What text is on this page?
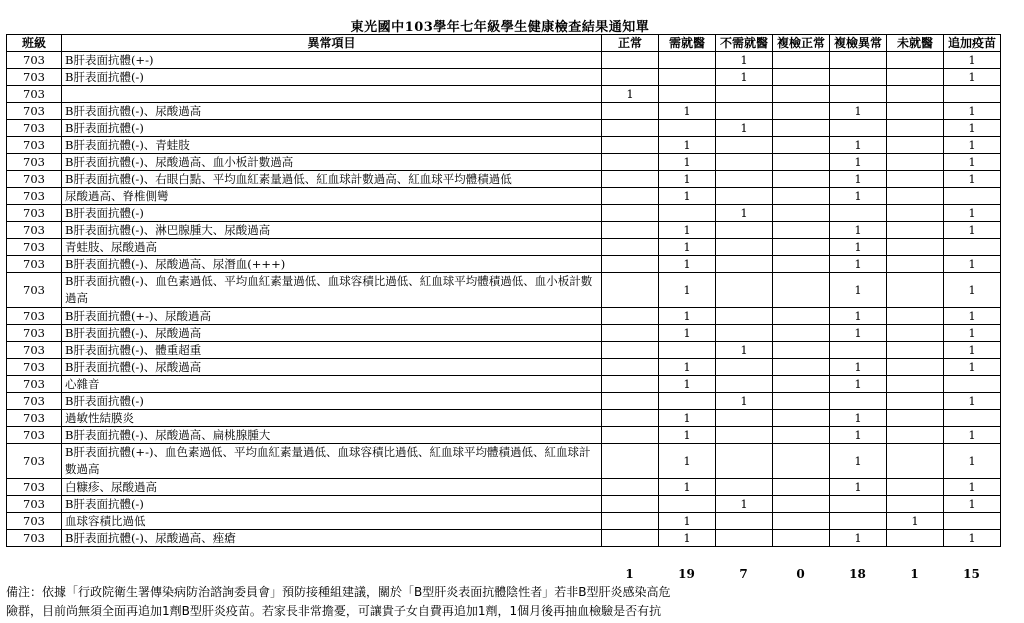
東光國中103學年七年級學生健康檢查結果通知單
班級	異常項目	正常	需就醫	不需就醫	複檢正常	複檢異常	未就醫	追加疫苗
703	B肝表面抗體(+-)			1				1
703	B肝表面抗體(-)			1				1
703		1						
703	B肝表面抗體(-)、尿酸過高		1			1		1
703	B肝表面抗體(-)			1				1
703	B肝表面抗體(-)、青蛙肢		1			1		1
703	B肝表面抗體(-)、尿酸過高、血小板計數過高		1			1		1
703	B肝表面抗體(-)、右眼白點、平均血紅素量過低、紅血球計數過高、紅血球平均體積過低		1			1		1
703	尿酸過高、脊椎側彎		1			1		
703	B肝表面抗體(-)			1				1
703	B肝表面抗體(-)、淋巴腺腫大、尿酸過高		1			1		1
703	青蛙肢、尿酸過高		1			1		
703	B肝表面抗體(-)、尿酸過高、尿潛血(+++)		1			1		1
703	B肝表面抗體(-)、血色素過低、平均血紅素量過低、血球容積比過低、紅血球平均體積過低、血小板計數過高		1			1		1
703	B肝表面抗體(+-)、尿酸過高		1			1		1
703	B肝表面抗體(-)、尿酸過高		1			1		1
703	B肝表面抗體(-)、體重超重			1				1
703	B肝表面抗體(-)、尿酸過高		1			1		1
703	心雜音		1			1		
703	B肝表面抗體(-)			1				1
703	過敏性結膜炎		1			1		
703	B肝表面抗體(-)、尿酸過高、扁桃腺腫大		1			1		1
703	B肝表面抗體(+-)、血色素過低、平均血紅素量過低、血球容積比過低、紅血球平均體積過低、紅血球計數過高		1			1		1
703	白糠疹、尿酸過高		1			1		1
703	B肝表面抗體(-)			1				1
703	血球容積比過低		1				1	
703	B肝表面抗體(-)、尿酸過高、痤瘡		1			1		1
		1	19	7	0	18	1	15
備注：依據「行政院衛生署傳染病防治諮詢委員會」預防接種組建議，關於「B型肝炎表面抗體陰性者」若非B型肝炎感染高危
險群，目前尚無須全面再追加1劑B型肝炎疫苗。若家長非常擔憂，可讓貴子女自費再追加1劑，1個月後再抽血檢驗是否有抗
